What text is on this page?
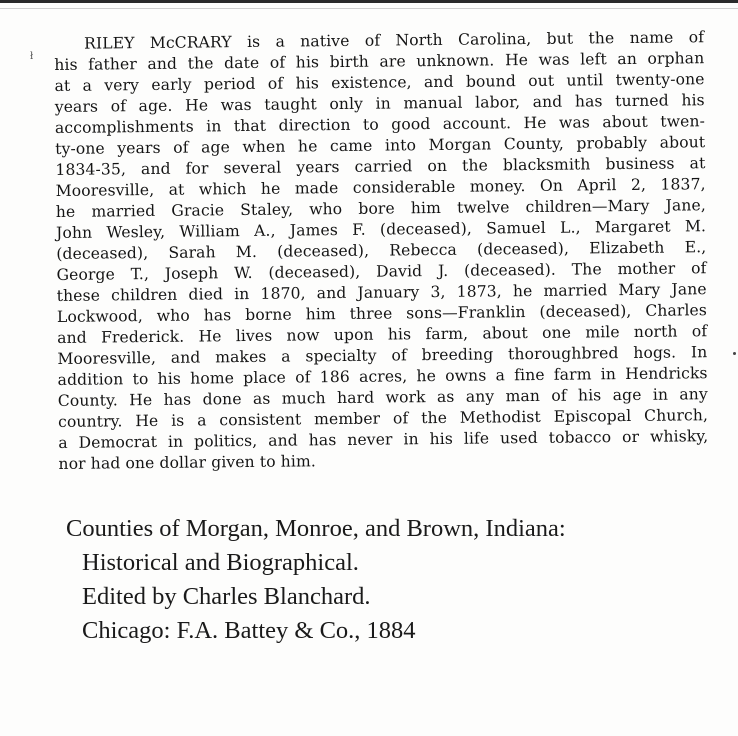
ł
RILEY McCRARY is a native of North Carolina, but the name of
his father and the date of his birth are unknown. He was left an orphan
at a very early period of his existence, and bound out until twenty-one
years of age. He was taught only in manual labor, and has turned his
accomplishments in that direction to good account. He was about twen-
ty-one years of age when he came into Morgan County, probably about
1834-35, and for several years carried on the blacksmith business at
Mooresville, at which he made considerable money. On April 2, 1837,
he married Gracie Staley, who bore him twelve children—Mary Jane,
John Wesley, William A., James F. (deceased), Samuel L., Margaret M.
(deceased), Sarah M. (deceased), Rebecca (deceased), Elizabeth E.,
George T., Joseph W. (deceased), David J. (deceased). The mother of
these children died in 1870, and January 3, 1873, he married Mary Jane
Lockwood, who has borne him three sons—Franklin (deceased), Charles
and Frederick. He lives now upon his farm, about one mile north of
Mooresville, and makes a specialty of breeding thoroughbred hogs. In
addition to his home place of 186 acres, he owns a fine farm in Hendricks
County. He has done as much hard work as any man of his age in any
country. He is a consistent member of the Methodist Episcopal Church,
a Democrat in politics, and has never in his life used tobacco or whisky,
nor had one dollar given to him.
Counties of Morgan, Monroe, and Brown, Indiana:
Historical and Biographical.
Edited by Charles Blanchard.
Chicago: F.A. Battey & Co., 1884
